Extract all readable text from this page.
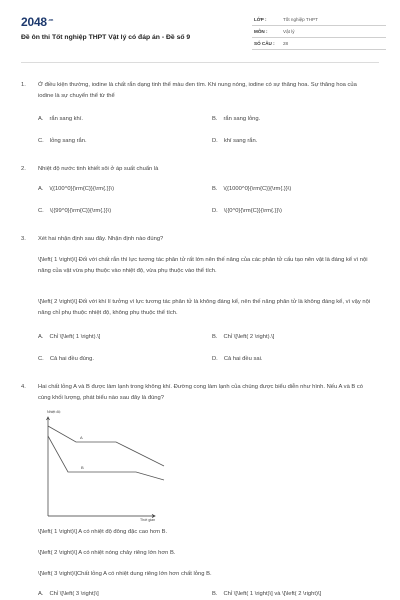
$2048^{.vn}$
Đề ôn thi Tốt nghiệp THPT Vật lý có đáp án - Đề số 9
LỚP :	Tốt nghiệp THPT
MÔN :	Vật lý
SỐ CÂU : 28
1. Ở điều kiện thường, iodine là chất rắn dạng tinh thể màu đen tím. Khi nung nóng, iodine có sự thăng hoa. Sự thăng hoa của iodine là sự chuyển thể từ thể
A. rắn sang khí.	B. rắn sang lỏng.
C. lỏng sang rắn.	D. khí sang rắn.
2. Nhiệt độ nước tinh khiết sôi ở áp suất chuẩn là
A. \({100^0}{\rm{C}}{\rm{.}}\)	B. \({1000^0}{\rm{C}}{\rm{.}}\)
C. \({99^0}{\rm{C}}{\rm{.}}\)	D. \({0^0}{\rm{C}}{\rm{.}}\)
3. Xét hai nhận định sau đây. Nhận định nào đúng?
\[\left( 1 \right)\] Đối với chất rắn thì lực tương tác phân tử rất lớn nên thế năng của các phân tử cấu tạo nên vật là đáng kể vì nội năng của vật vừa phụ thuộc vào nhiệt độ, vừa phụ thuộc vào thể tích.
\[\left( 2 \right)\] Đối với khí lí tưởng vì lực tương tác phân tử là không đáng kể, nên thế năng phân tử là không đáng kể, vì vậy nội năng chỉ phụ thuộc nhiệt độ, không phụ thuộc thể tích.
A. Chỉ \[\left( 1 \right).\]	B. Chỉ \[\left( 2 \right).\]
C. Cả hai đều đúng.	D. Cả hai đều sai.
4. Hai chất lỏng A và B được làm lạnh trong không khí. Đường cong làm lạnh của chúng được biểu diễn như hình. Nếu A và B có cùng khối lượng, phát biểu nào sau đây là đúng?
Nhiệt độ
A
B
Thời gian
\[\left( 1 \right)\] A có nhiệt độ đông đặc cao hơn B.
\[\left( 2 \right)\] A có nhiệt nóng chảy riêng lớn hơn B.
\[\left( 3 \right)\]Chất lỏng A có nhiệt dung riêng lớn hơn chất lỏng B.
A. Chỉ \[\left( 3 \right)\]	B. Chỉ \[\left( 1 \right)\] và \[\left( 2 \right)\]
